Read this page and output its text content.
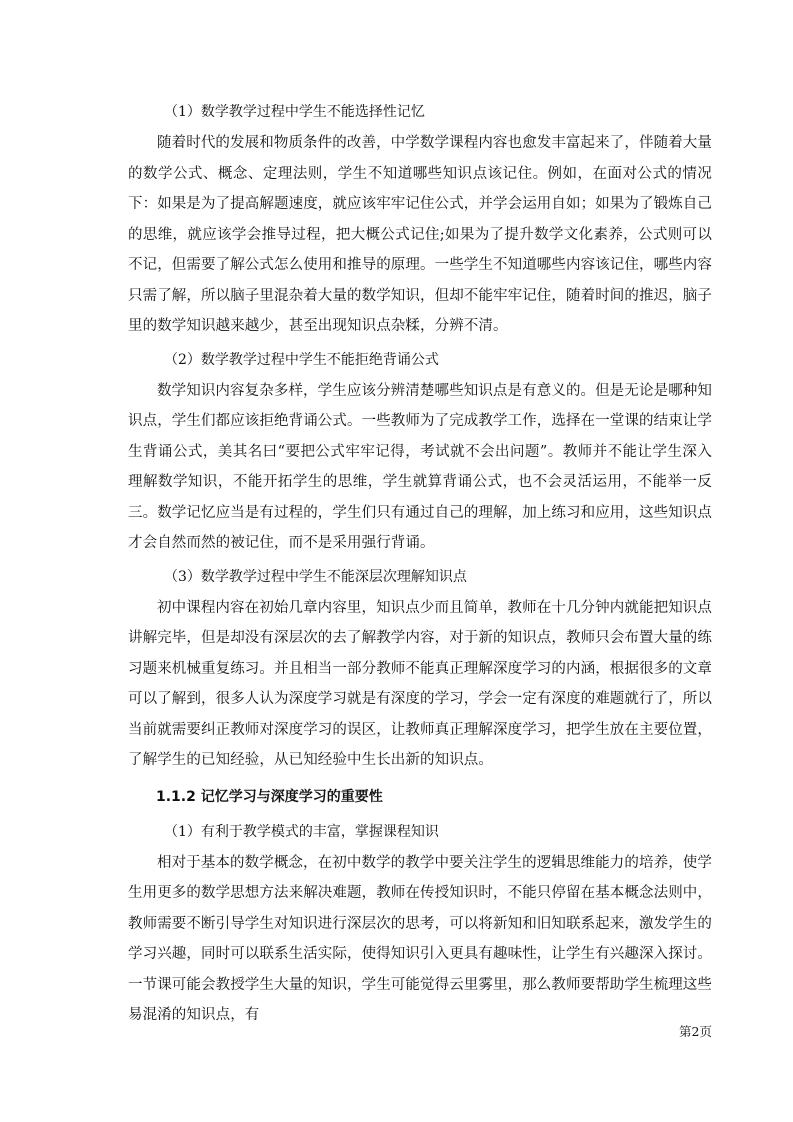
（1）数学教学过程中学生不能选择性记忆

随着时代的发展和物质条件的改善，中学数学课程内容也愈发丰富起来了，伴随着大量的数学公式、概念、定理法则，学生不知道哪些知识点该记住。例如，在面对公式的情况下：如果是为了提高解题速度，就应该牢牢记住公式，并学会运用自如；如果为了锻炼自己的思维，就应该学会推导过程，把大概公式记住;如果为了提升数学文化素养，公式则可以不记，但需要了解公式怎么使用和推导的原理。一些学生不知道哪些内容该记住，哪些内容只需了解，所以脑子里混杂着大量的数学知识，但却不能牢牢记住，随着时间的推迟，脑子里的数学知识越来越少，甚至出现知识点杂糅，分辨不清。

（2）数学教学过程中学生不能拒绝背诵公式

数学知识内容复杂多样，学生应该分辨清楚哪些知识点是有意义的。但是无论是哪种知识点，学生们都应该拒绝背诵公式。一些教师为了完成教学工作，选择在一堂课的结束让学生背诵公式，美其名曰“要把公式牢牢记得，考试就不会出问题”。教师并不能让学生深入理解数学知识，不能开拓学生的思维，学生就算背诵公式，也不会灵活运用，不能举一反三。数学记忆应当是有过程的，学生们只有通过自己的理解，加上练习和应用，这些知识点才会自然而然的被记住，而不是采用强行背诵。

（3）数学教学过程中学生不能深层次理解知识点

初中课程内容在初始几章内容里，知识点少而且简单，教师在十几分钟内就能把知识点讲解完毕，但是却没有深层次的去了解教学内容，对于新的知识点，教师只会布置大量的练习题来机械重复练习。并且相当一部分教师不能真正理解深度学习的内涵，根据很多的文章可以了解到，很多人认为深度学习就是有深度的学习，学会一定有深度的难题就行了，所以当前就需要纠正教师对深度学习的误区，让教师真正理解深度学习，把学生放在主要位置，了解学生的已知经验，从已知经验中生长出新的知识点。

1.1.2 记忆学习与深度学习的重要性
（1）有利于教学模式的丰富，掌握课程知识

相对于基本的数学概念，在初中数学的教学中要关注学生的逻辑思维能力的培养，使学生用更多的数学思想方法来解决难题，教师在传授知识时，不能只停留在基本概念法则中，教师需要不断引导学生对知识进行深层次的思考，可以将新知和旧知联系起来，激发学生的学习兴趣，同时可以联系生活实际，使得知识引入更具有趣味性，让学生有兴趣深入探讨。一节课可能会教授学生大量的知识，学生可能觉得云里雾里，那么教师要帮助学生梳理这些易混淆的知识点，有

第2页
